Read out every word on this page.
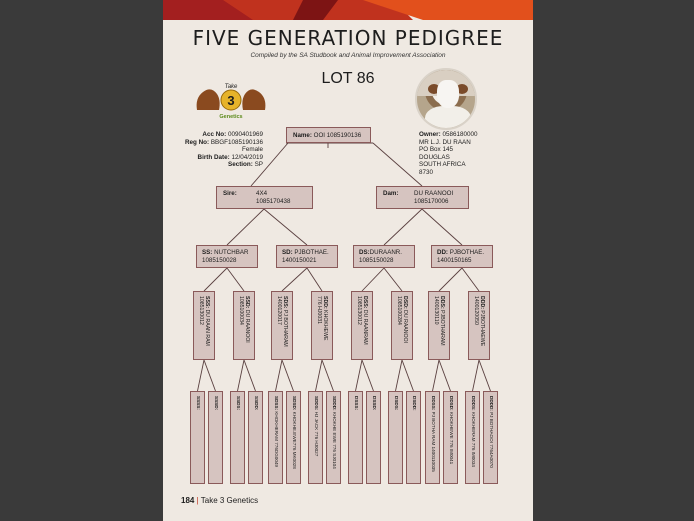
FIVE GENERATION PEDIGREE
Compiled by the SA Studbook and Animal Improvement Association
LOT 86
3
Take
Genetics
Acc No: 0090401969
Reg No: BBGF1085190136
Female
Birth Date: 12/04/2019
Section: SP
Owner: 0586180000
MR L.J. DU RAAN
PO Box 145
DOUGLAS
SOUTH AFRICA
8730
Name: OOI 1085190136
Sire:	4X4
1085170438
Dam:	DU RAANOOI
1085170006
SS: NUTCHBAR
1085150028
SD: PJBOTHAE.
1400150021
DS:DURAANR.
1085150028
DD: PJBOTHAE.
1400150165
SSS: DU RAAN RAM
1085130012	SSD: DU RAANOOI
1085100034	SDS: PJ BOTHARAM
1400120017	SDD: KHOKHEWE
776 HJ0031	DSS: DU RAANRAM
1085130012	DSD: DU RAANOOI
1085100284	DDS: PJBOTHARAM
1400130110	DDD: PJBOTHAEWE
1400120050
SSSS:	SSSD:	SSDS:	SSDD:	SDSS: KHOKHERAM 776DG0049
SDSD: KHOKHE.EWE776 MK0028
SDDS: HJ JACK 776 HJ0027
SDDD: KHOKHE EWE 776 SJ0104
DSSS:	DSSD:	DSDS:	DSDD:	DDSS: PJ BOTHA RAM 1400110035
DDSD: KHOKHEWE 776 IM0041
DDDS: KHOKHERAM 776 IM0034
DDDD: PJ BOTHAOOI 7764A0070
184 | Take 3 Genetics
